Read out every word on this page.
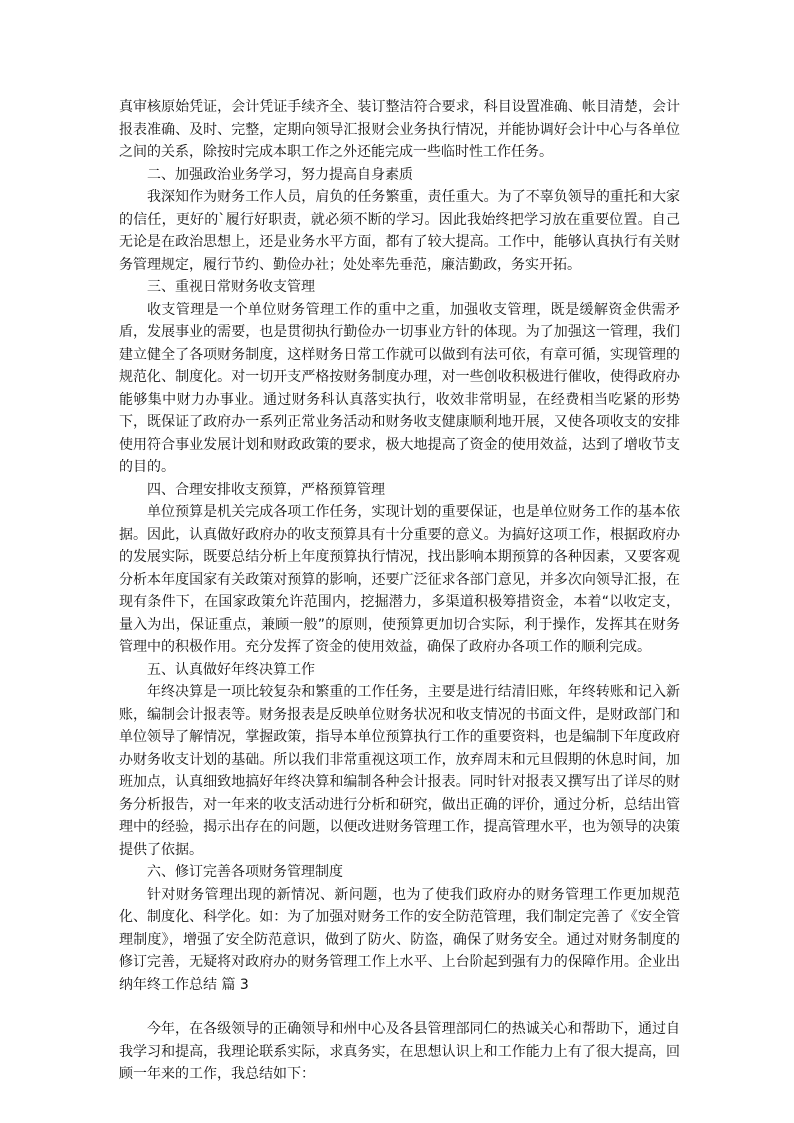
真审核原始凭证，会计凭证手续齐全、装订整洁符合要求，科目设置准确、帐目清楚，会计报表准确、及时、完整，定期向领导汇报财会业务执行情况，并能协调好会计中心与各单位之间的关系，除按时完成本职工作之外还能完成一些临时性工作任务。

二、加强政治业务学习，努力提高自身素质

我深知作为财务工作人员，肩负的任务繁重，责任重大。为了不辜负领导的重托和大家的信任，更好的`履行好职责，就必须不断的学习。因此我始终把学习放在重要位置。自己无论是在政治思想上，还是业务水平方面，都有了较大提高。工作中，能够认真执行有关财务管理规定，履行节约、勤俭办社；处处率先垂范，廉洁勤政，务实开拓。

三、重视日常财务收支管理

收支管理是一个单位财务管理工作的重中之重，加强收支管理，既是缓解资金供需矛盾，发展事业的需要，也是贯彻执行勤俭办一切事业方针的体现。为了加强这一管理，我们建立健全了各项财务制度，这样财务日常工作就可以做到有法可依，有章可循，实现管理的规范化、制度化。对一切开支严格按财务制度办理，对一些创收积极进行催收，使得政府办能够集中财力办事业。通过财务科认真落实执行，收效非常明显，在经费相当吃紧的形势下，既保证了政府办一系列正常业务活动和财务收支健康顺利地开展，又使各项收支的安排使用符合事业发展计划和财政政策的要求，极大地提高了资金的使用效益，达到了增收节支的目的。

四、合理安排收支预算，严格预算管理

单位预算是机关完成各项工作任务，实现计划的重要保证，也是单位财务工作的基本依据。因此，认真做好政府办的收支预算具有十分重要的意义。为搞好这项工作，根据政府办的发展实际，既要总结分析上年度预算执行情况，找出影响本期预算的各种因素，又要客观分析本年度国家有关政策对预算的影响，还要广泛征求各部门意见，并多次向领导汇报，在现有条件下，在国家政策允许范围内，挖掘潜力，多渠道积极筹措资金，本着“以收定支，量入为出，保证重点，兼顾一般”的原则，使预算更加切合实际，利于操作，发挥其在财务管理中的积极作用。充分发挥了资金的使用效益，确保了政府办各项工作的顺利完成。

五、认真做好年终决算工作

年终决算是一项比较复杂和繁重的工作任务，主要是进行结清旧账，年终转账和记入新账，编制会计报表等。财务报表是反映单位财务状况和收支情况的书面文件，是财政部门和单位领导了解情况，掌握政策，指导本单位预算执行工作的重要资料，也是编制下年度政府办财务收支计划的基础。所以我们非常重视这项工作，放弃周末和元旦假期的休息时间，加班加点，认真细致地搞好年终决算和编制各种会计报表。同时针对报表又撰写出了详尽的财务分析报告，对一年来的收支活动进行分析和研究，做出正确的评价，通过分析，总结出管理中的经验，揭示出存在的问题，以便改进财务管理工作，提高管理水平，也为领导的决策提供了依据。

六、修订完善各项财务管理制度

针对财务管理出现的新情况、新问题，也为了使我们政府办的财务管理工作更加规范化、制度化、科学化。如：为了加强对财务工作的安全防范管理，我们制定完善了《安全管理制度》，增强了安全防范意识，做到了防火、防盗，确保了财务安全。通过对财务制度的修订完善，无疑将对政府办的财务管理工作上水平、上台阶起到强有力的保障作用。企业出纳年终工作总结 篇 3

今年，在各级领导的正确领导和州中心及各县管理部同仁的热诚关心和帮助下，通过自我学习和提高，我理论联系实际，求真务实，在思想认识上和工作能力上有了很大提高，回顾一年来的工作，我总结如下：
